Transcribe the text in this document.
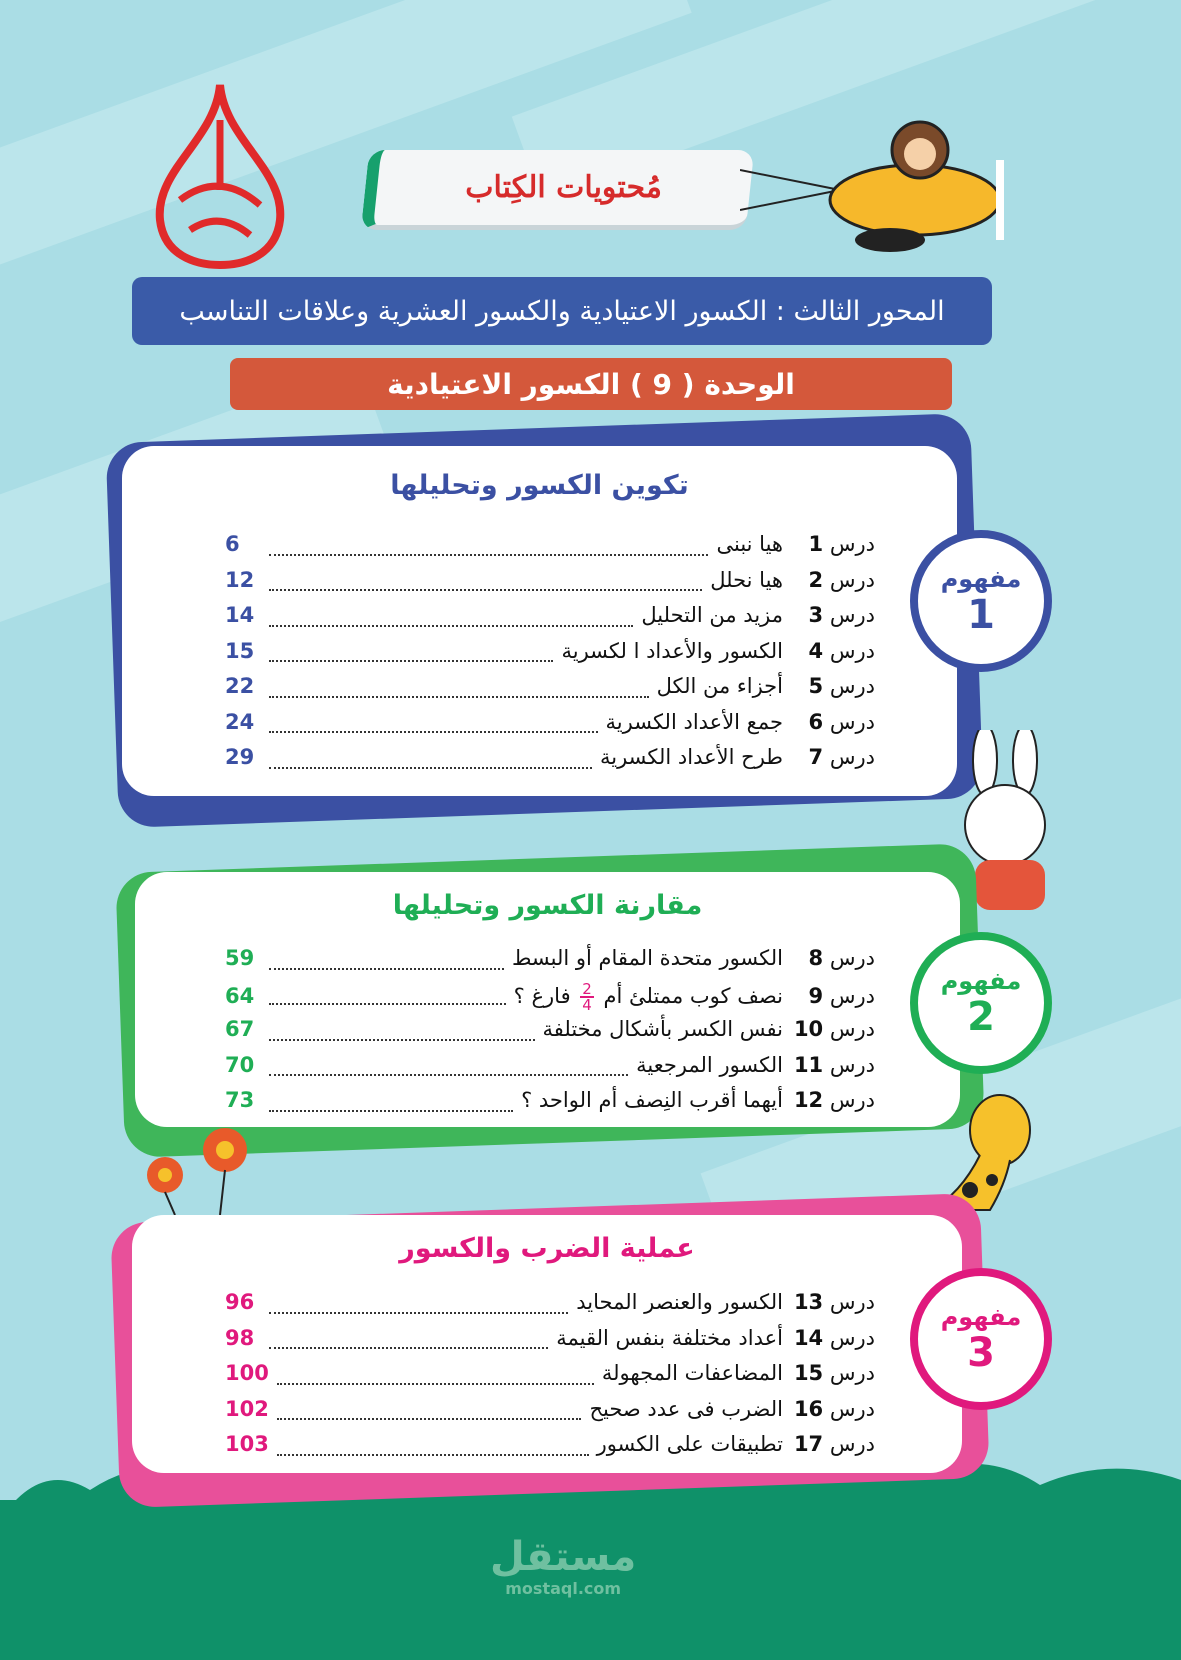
مُحتويات الكِتاب
المحور الثالث : الكسور الاعتيادية والكسور العشرية وعلاقات التناسب
الوحدة ( 9 ) الكسور الاعتيادية
تكوين الكسور وتحليلها
درس 1
هيا نبنى
6
درس 2
هيا نحلل
12
درس 3
مزيد من التحليل
14
درس 4
الكسور والأعداد ا لكسرية
15
درس 5
أجزاء من الكل
22
درس 6
جمع الأعداد الكسرية
24
درس 7
طرح الأعداد الكسرية
29
مفهوم
1
مقارنة الكسور وتحليلها
درس 8
الكسور متحدة المقام أو البسط
59
درس 9
نصف كوب ممتلئ أم
$\frac{2}{4}$
فارغ ؟
64
درس 10
نفس الكسر بأشكال مختلفة
67
درس 11
الكسور المرجعية
70
درس 12
أيهما أقرب النِصف أم الواحد ؟
73
مفهوم
2
عملية الضرب والكسور
درس 13
الكسور والعنصر المحايد
96
درس 14
أعداد مختلفة بنفس القيمة
98
درس 15
المضاعفات المجهولة
100
درس 16
الضرب فى عدد صحيح
102
درس 17
تطبيقات على الكسور
103
مفهوم
3
مستقل
mostaql.com
